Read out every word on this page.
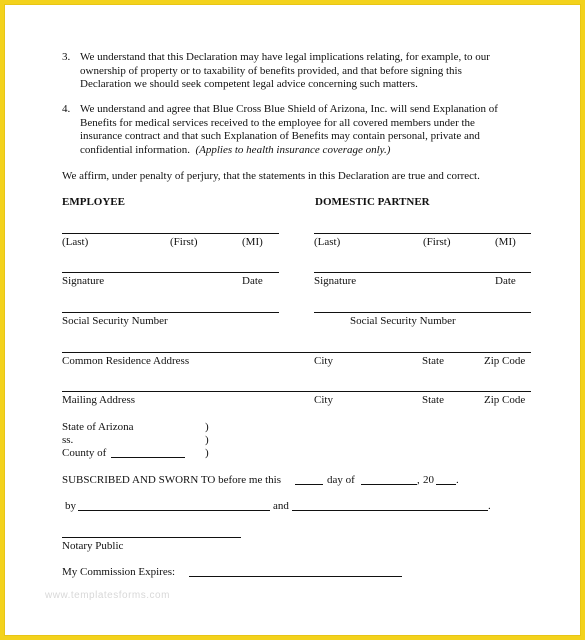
3. We understand that this Declaration may have legal implications relating, for example, to our
ownership of property or to taxability of benefits provided, and that before signing this
Declaration we should seek competent legal advice concerning such matters.
4. We understand and agree that Blue Cross Blue Shield of Arizona, Inc. will send Explanation of
Benefits for medical services received to the employee for all covered members under the
insurance contract and that such Explanation of Benefits may contain personal, private and
confidential information. (Applies to health insurance coverage only.)
We affirm, under penalty of perjury, that the statements in this Declaration are true and correct.
EMPLOYEE	DOMESTIC PARTNER
(Last)	(First)	(MI)	(Last)	(First)	(MI)
Signature	Date	Signature	Date
Social Security Number	Social Security Number
Common Residence Address	City	State	Zip Code
Mailing Address	City	State	Zip Code
State of Arizona
ss.
County of
)
)
)
SUBSCRIBED AND SWORN TO before me this	day of	, 20 .
by	and	.
Notary Public
My Commission Expires:
www.templatesforms.com
